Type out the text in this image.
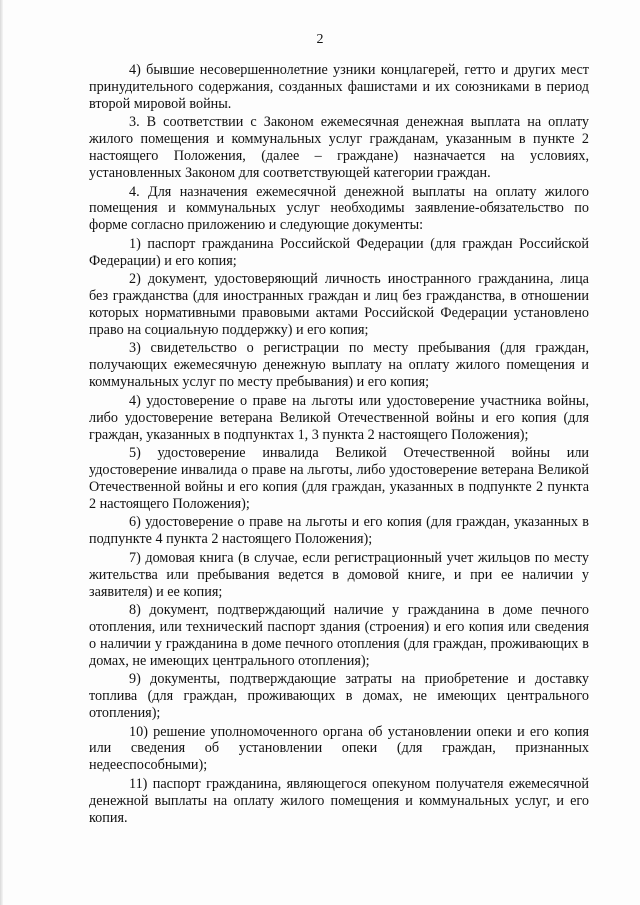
2

4) бывшие несовершеннолетние узники концлагерей, гетто и других мест принудительного содержания, созданных фашистами и их союзниками в период второй мировой войны.

3. В соответствии с Законом ежемесячная денежная выплата на оплату жилого помещения и коммунальных услуг гражданам, указанным в пункте 2 настоящего Положения, (далее – граждане) назначается на условиях, установленных Законом для соответствующей категории граждан.

4. Для назначения ежемесячной денежной выплаты на оплату жилого помещения и коммунальных услуг необходимы заявление-обязательство по форме согласно приложению и следующие документы:

1) паспорт гражданина Российской Федерации (для граждан Российской Федерации) и его копия;

2) документ, удостоверяющий личность иностранного гражданина, лица без гражданства (для иностранных граждан и лиц без гражданства, в отношении которых нормативными правовыми актами Российской Федерации установлено право на социальную поддержку) и его копия;

3) свидетельство о регистрации по месту пребывания (для граждан, получающих ежемесячную денежную выплату на оплату жилого помещения и коммунальных услуг по месту пребывания) и его копия;

4) удостоверение о праве на льготы или удостоверение участника войны, либо удостоверение ветерана Великой Отечественной войны и его копия (для граждан, указанных в подпунктах 1, 3 пункта 2 настоящего Положения);

5) удостоверение инвалида Великой Отечественной войны или удостоверение инвалида о праве на льготы, либо удостоверение ветерана Великой Отечественной войны и его копия (для граждан, указанных в подпункте 2 пункта 2 настоящего Положения);

6) удостоверение о праве на льготы и его копия (для граждан, указанных в подпункте 4 пункта 2 настоящего Положения);

7) домовая книга (в случае, если регистрационный учет жильцов по месту жительства или пребывания ведется в домовой книге, и при ее наличии у заявителя) и ее копия;

8) документ, подтверждающий наличие у гражданина в доме печного отопления, или технический паспорт здания (строения) и его копия или сведения о наличии у гражданина в доме печного отопления (для граждан, проживающих в домах, не имеющих центрального отопления);

9) документы, подтверждающие затраты на приобретение и доставку топлива (для граждан, проживающих в домах, не имеющих центрального отопления);

10) решение уполномоченного органа об установлении опеки и его копия или сведения об установлении опеки (для граждан, признанных недееспособными);

11) паспорт гражданина, являющегося опекуном получателя ежемесячной денежной выплаты на оплату жилого помещения и коммунальных услуг, и его копия.
